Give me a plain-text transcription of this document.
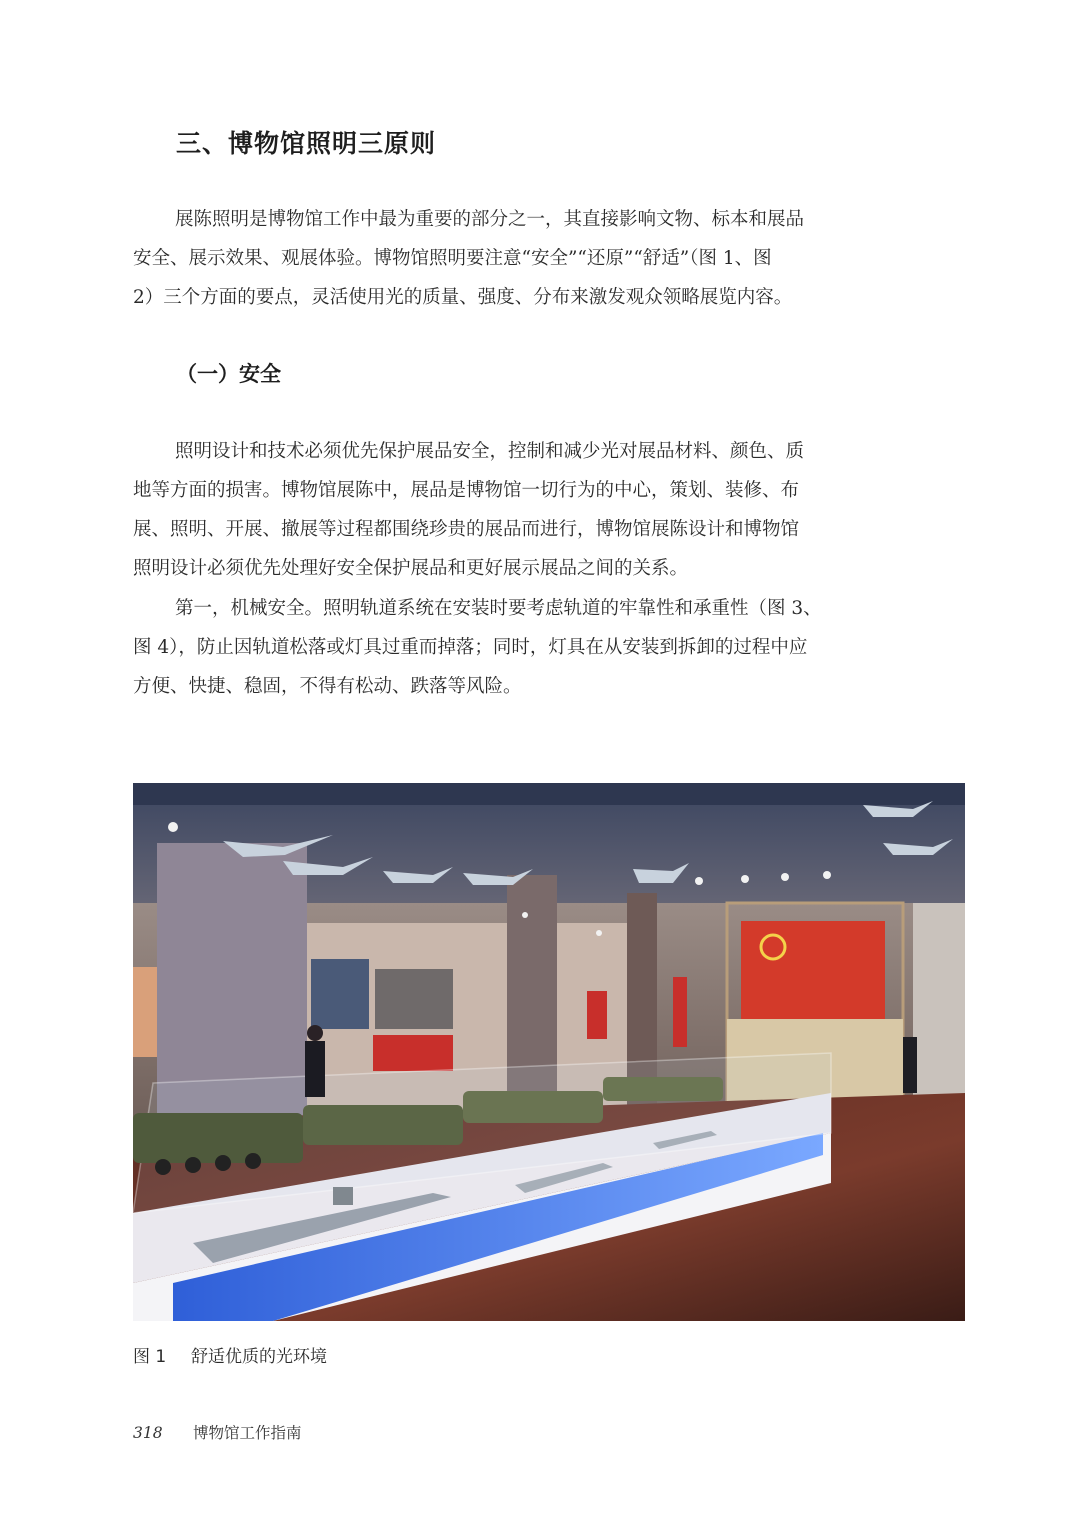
三、博物馆照明三原则
展陈照明是博物馆工作中最为重要的部分之一，其直接影响文物、标本和展品
安全、展示效果、观展体验。博物馆照明要注意“安全”“还原”“舒适”（图 1、图
2）三个方面的要点，灵活使用光的质量、强度、分布来激发观众领略展览内容。
（一）安全
照明设计和技术必须优先保护展品安全，控制和减少光对展品材料、颜色、质
地等方面的损害。博物馆展陈中，展品是博物馆一切行为的中心，策划、装修、布
展、照明、开展、撤展等过程都围绕珍贵的展品而进行，博物馆展陈设计和博物馆
照明设计必须优先处理好安全保护展品和更好展示展品之间的关系。
第一，机械安全。照明轨道系统在安装时要考虑轨道的牢靠性和承重性（图 3、
图 4），防止因轨道松落或灯具过重而掉落；同时，灯具在从安装到拆卸的过程中应
方便、快捷、稳固，不得有松动、跌落等风险。
图 1 舒适优质的光环境
318 博物馆工作指南
